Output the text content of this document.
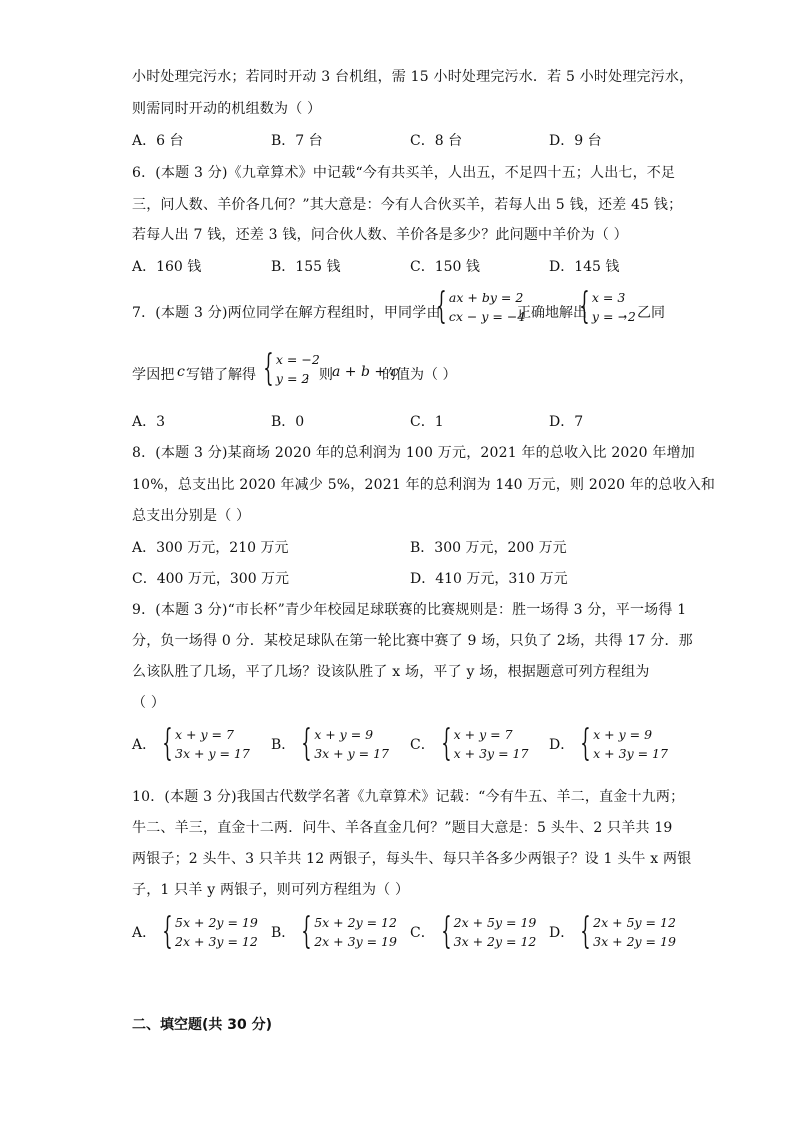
小时处理完污水；若同时开动 3 台机组，需 15 小时处理完污水．若 5 小时处理完污水，
则需同时开动的机组数为（ ）
A．6 台	B．7 台	C．8 台	D．9 台
6．(本题 3 分)《九章算术》中记载“今有共买羊，人出五，不足四十五；人出七，不足
三，问人数、羊价各几何？”其大意是：今有人合伙买羊，若每人出 5 钱，还差 45 钱；
若每人出 7 钱，还差 3 钱，问合伙人数、羊价各是多少？此问题中羊价为（ ）
A．160 钱	B．155 钱	C．150 钱	D．145 钱
7．(本题 3 分)两位同学在解方程组时，甲同学由
{ ax + by = 2
cx − y = −4
正确地解出
{ x = 3
y = −2
，乙同
学因把 c 写错了解得 { x = −2
y = 2
，则 a + b + c
的值为（ ）
A．3	B．0	C．1	D．7
8．(本题 3 分)某商场 2020 年的总利润为 100 万元，2021 年的总收入比 2020 年增加
10%，总支出比 2020 年减少 5%，2021 年的总利润为 140 万元，则 2020 年的总收入和
总支出分别是（ ）
A．300 万元，210 万元	B．300 万元，200 万元
C．400 万元，300 万元	D．410 万元，310 万元
9．(本题 3 分)“市长杯”青少年校园足球联赛的比赛规则是：胜一场得 3 分，平一场得 1
分，负一场得 0 分．某校足球队在第一轮比赛中赛了 9 场，只负了 2场，共得 17 分．那
么该队胜了几场，平了几场？设该队胜了 x 场，平了 y 场，根据题意可列方程组为
（ ）
A． { x + y = 7
3x + y = 17
B． { x + y = 9
3x + y = 17
C． { x + y = 7
x + 3y = 17
D． { x + y = 9
x + 3y = 17
10．(本题 3 分)我国古代数学名著《九章算术》记载：“今有牛五、羊二，直金十九两；
牛二、羊三，直金十二两．问牛、羊各直金几何？”题目大意是：5 头牛、2 只羊共 19
两银子；2 头牛、3 只羊共 12 两银子，每头牛、每只羊各多少两银子？设 1 头牛 x 两银
子，1 只羊 y 两银子，则可列方程组为（ ）
A． { 5x + 2y = 19
2x + 3y = 12
B． { 5x + 2y = 12
2x + 3y = 19
C． { 2x + 5y = 19
3x + 2y = 12
D． { 2x + 5y = 12
3x + 2y = 19
二、填空题(共 30 分)
